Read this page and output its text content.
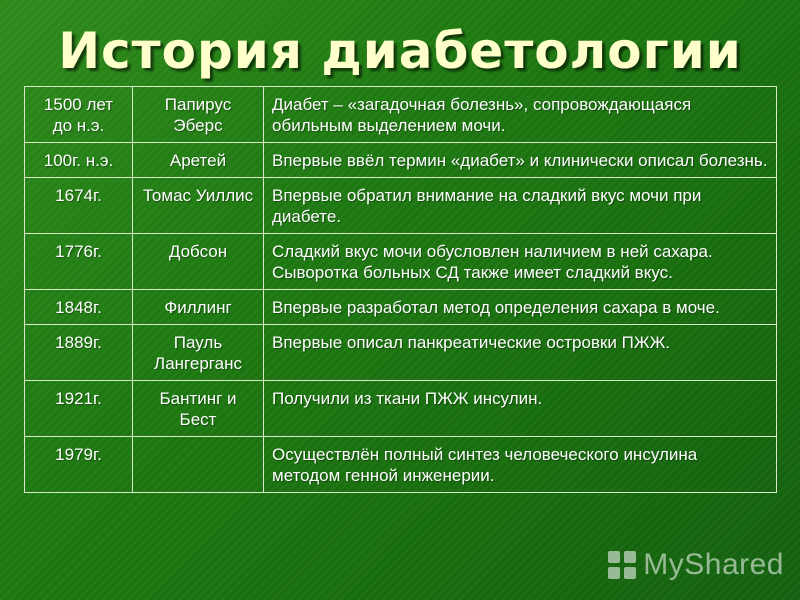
История диабетологии
1500 лет до н.э.	Папирус Эберс	Диабет – «загадочная болезнь», сопровождающаяся обильным выделением мочи.
100г. н.э.	Аретей	Впервые ввёл термин «диабет» и клинически описал болезнь.
1674г.	Томас Уиллис	Впервые обратил внимание на сладкий вкус мочи при диабете.
1776г.	Добсон	Сладкий вкус мочи обусловлен наличием в ней сахара. Сыворотка больных СД также имеет сладкий вкус.
1848г.	Филлинг	Впервые разработал метод определения сахара в моче.
1889г.	Пауль Лангерганс	Впервые описал панкреатические островки ПЖЖ.
1921г.	Бантинг и Бест	Получили из ткани ПЖЖ инсулин.
1979г.		Осуществлён полный синтез человеческого инсулина методом генной инженерии.
MyShared
